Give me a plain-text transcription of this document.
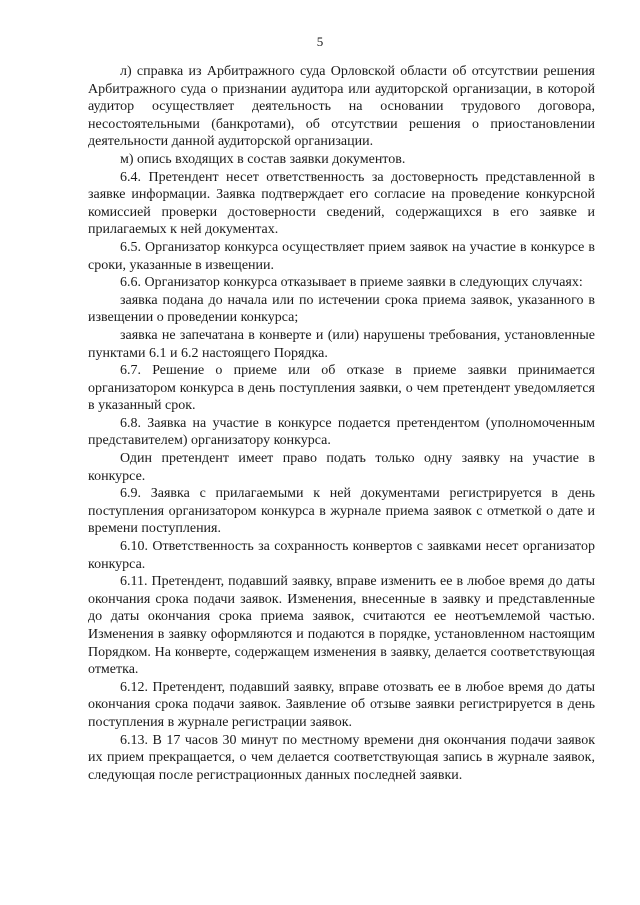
5

л) справка из Арбитражного суда Орловской области об отсутствии решения Арбитражного суда о признании аудитора или аудиторской организации, в которой аудитор осуществляет деятельность на основании трудового договора, несостоятельными (банкротами), об отсутствии решения о приостановлении деятельности данной аудиторской организации.

м) опись входящих в состав заявки документов.

6.4. Претендент несет ответственность за достоверность представленной в заявке информации. Заявка подтверждает его согласие на проведение конкурсной комиссией проверки достоверности сведений, содержащихся в его заявке и прилагаемых к ней документах.

6.5. Организатор конкурса осуществляет прием заявок на участие в конкурсе в сроки, указанные в извещении.

6.6. Организатор конкурса отказывает в приеме заявки в следующих случаях:

заявка подана до начала или по истечении срока приема заявок, указанного в извещении о проведении конкурса;

заявка не запечатана в конверте и (или) нарушены требования, установленные пунктами 6.1 и 6.2 настоящего Порядка.

6.7. Решение о приеме или об отказе в приеме заявки принимается организатором конкурса в день поступления заявки, о чем претендент уведомляется в указанный срок.

6.8. Заявка на участие в конкурсе подается претендентом (уполномоченным представителем) организатору конкурса.

Один претендент имеет право подать только одну заявку на участие в конкурсе.

6.9. Заявка с прилагаемыми к ней документами регистрируется в день поступления организатором конкурса в журнале приема заявок с отметкой о дате и времени поступления.

6.10. Ответственность за сохранность конвертов с заявками несет организатор конкурса.

6.11. Претендент, подавший заявку, вправе изменить ее в любое время до даты окончания срока подачи заявок. Изменения, внесенные в заявку и представленные до даты окончания срока приема заявок, считаются ее неотъемлемой частью. Изменения в заявку оформляются и подаются в порядке, установленном настоящим Порядком. На конверте, содержащем изменения в заявку, делается соответствующая отметка.

6.12. Претендент, подавший заявку, вправе отозвать ее в любое время до даты окончания срока подачи заявок. Заявление об отзыве заявки регистрируется в день поступления в журнале регистрации заявок.

6.13. В 17 часов 30 минут по местному времени дня окончания подачи заявок их прием прекращается, о чем делается соответствующая запись в журнале заявок, следующая после регистрационных данных последней заявки.
